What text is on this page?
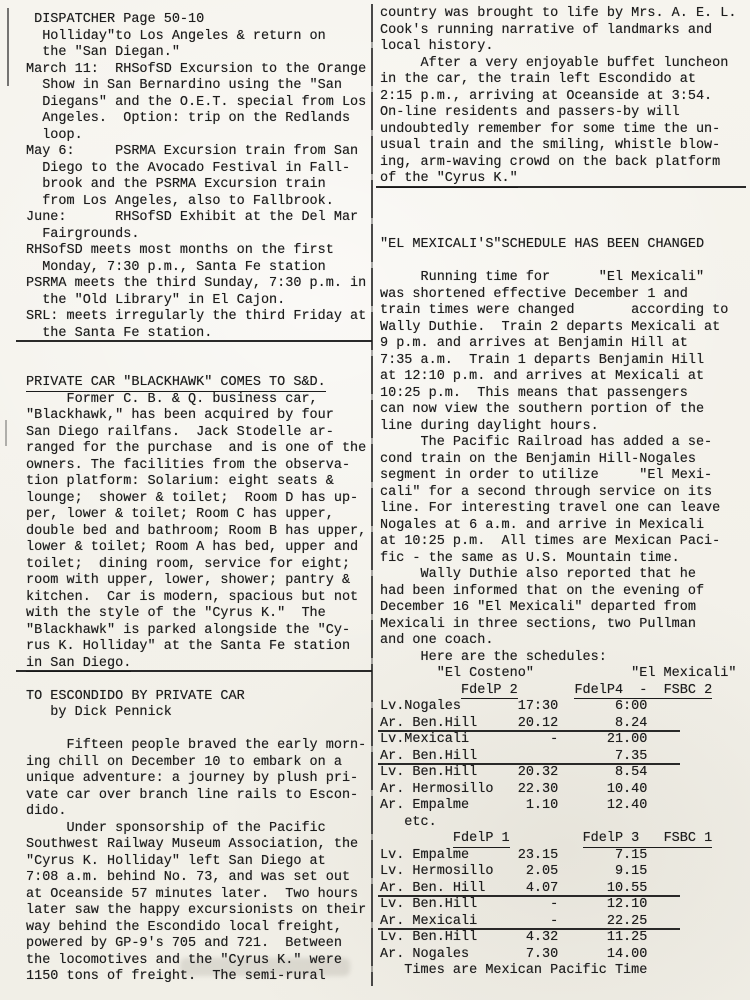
DISPATCHER Page 50-10
Holliday"to Los Angeles & return on
the "San Diegan."
March 11:  RHSofSD Excursion to the Orange
Show in San Bernardino using the "San
Diegans" and the O.E.T. special from Los
Angeles.  Option: trip on the Redlands
loop.
May 6:     PSRMA Excursion train from San
Diego to the Avocado Festival in Fall-
brook and the PSRMA Excursion train
from Los Angeles, also to Fallbrook.
June:      RHSofSD Exhibit at the Del Mar
Fairgrounds.
RHSofSD meets most months on the first
Monday, 7:30 p.m., Santa Fe station
PSRMA meets the third Sunday, 7:30 p.m. in
the "Old Library" in El Cajon.
SRL: meets irregularly the third Friday at
the Santa Fe station.
PRIVATE CAR "BLACKHAWK" COMES TO S&D.
Former C. B. & Q. business car,
"Blackhawk," has been acquired by four
San Diego railfans.  Jack Stodelle ar-
ranged for the purchase  and is one of the
owners. The facilities from the observa-
tion platform: Solarium: eight seats &
lounge;  shower & toilet;  Room D has up-
per, lower & toilet; Room C has upper,
double bed and bathroom; Room B has upper,
lower & toilet; Room A has bed, upper and
toilet;  dining room, service for eight;
room with upper, lower, shower; pantry &
kitchen.  Car is modern, spacious but not
with the style of the "Cyrus K."  The
"Blackhawk" is parked alongside the "Cy-
rus K. Holliday" at the Santa Fe station
in San Diego.
TO ESCONDIDO BY PRIVATE CAR
by Dick Pennick
Fifteen people braved the early morn-
ing chill on December 10 to embark on a
unique adventure: a journey by plush pri-
vate car over branch line rails to Escon-
dido.
Under sponsorship of the Pacific
Southwest Railway Museum Association, the
"Cyrus K. Holliday" left San Diego at
7:08 a.m. behind No. 73, and was set out
at Oceanside 57 minutes later.  Two hours
later saw the happy excursionists on their
way behind the Escondido local freight,
powered by GP-9's 705 and 721.  Between
the locomotives and the "Cyrus K." were
1150 tons of freight.  The semi-rural
country was brought to life by Mrs. A. E. L.
Cook's running narrative of landmarks and
local history.
After a very enjoyable buffet luncheon
in the car, the train left Escondido at
2:15 p.m., arriving at Oceanside at 3:54.
On-line residents and passers-by will
undoubtedly remember for some time the un-
usual train and the smiling, whistle blow-
ing, arm-waving crowd on the back platform
of the "Cyrus K."
"EL MEXICALI'S"SCHEDULE HAS BEEN CHANGED
Running time for      "El Mexicali"
was shortened effective December 1 and
train times were changed       according to
Wally Duthie.  Train 2 departs Mexicali at
9 p.m. and arrives at Benjamin Hill at
7:35 a.m.  Train 1 departs Benjamin Hill
at 12:10 p.m. and arrives at Mexicali at
10:25 p.m.  This means that passengers
can now view the southern portion of the
line during daylight hours.
The Pacific Railroad has added a se-
cond train on the Benjamin Hill-Nogales
segment in order to utilize     "El Mexi-
cali" for a second through service on its
line. For interesting travel one can leave
Nogales at 6 a.m. and arrive in Mexicali
at 10:25 p.m.  All times are Mexican Paci-
fic - the same as U.S. Mountain time.
Wally Duthie also reported that he
had been informed that on the evening of
December 16 "El Mexicali" departed from
Mexicali in three sections, two Pullman
and one coach.
Here are the schedules:
"El Costeno"	"El Mexicali"
FdelP 2	FdelP4  -  FSBC 2
Lv.Nogales       17:30       6:00
Ar. Ben.Hill     20.12       8.24
Lv.Mexicali          -      21.00
Ar. Ben.Hill                 7.35
Lv. Ben.Hill     20.32       8.54
Ar. Hermosillo   22.30      10.40
Ar. Empalme       1.10      12.40
etc.
FdelP 1	FdelP 3   FSBC 1
Lv. Empalme      23.15       7.15
Lv. Hermosillo    2.05       9.15
Ar. Ben. Hill     4.07      10.55
Lv. Ben.Hill         -      12.10
Ar. Mexicali         -      22.25
Lv. Ben.Hill      4.32      11.25
Ar. Nogales       7.30      14.00
Times are Mexican Pacific Time
